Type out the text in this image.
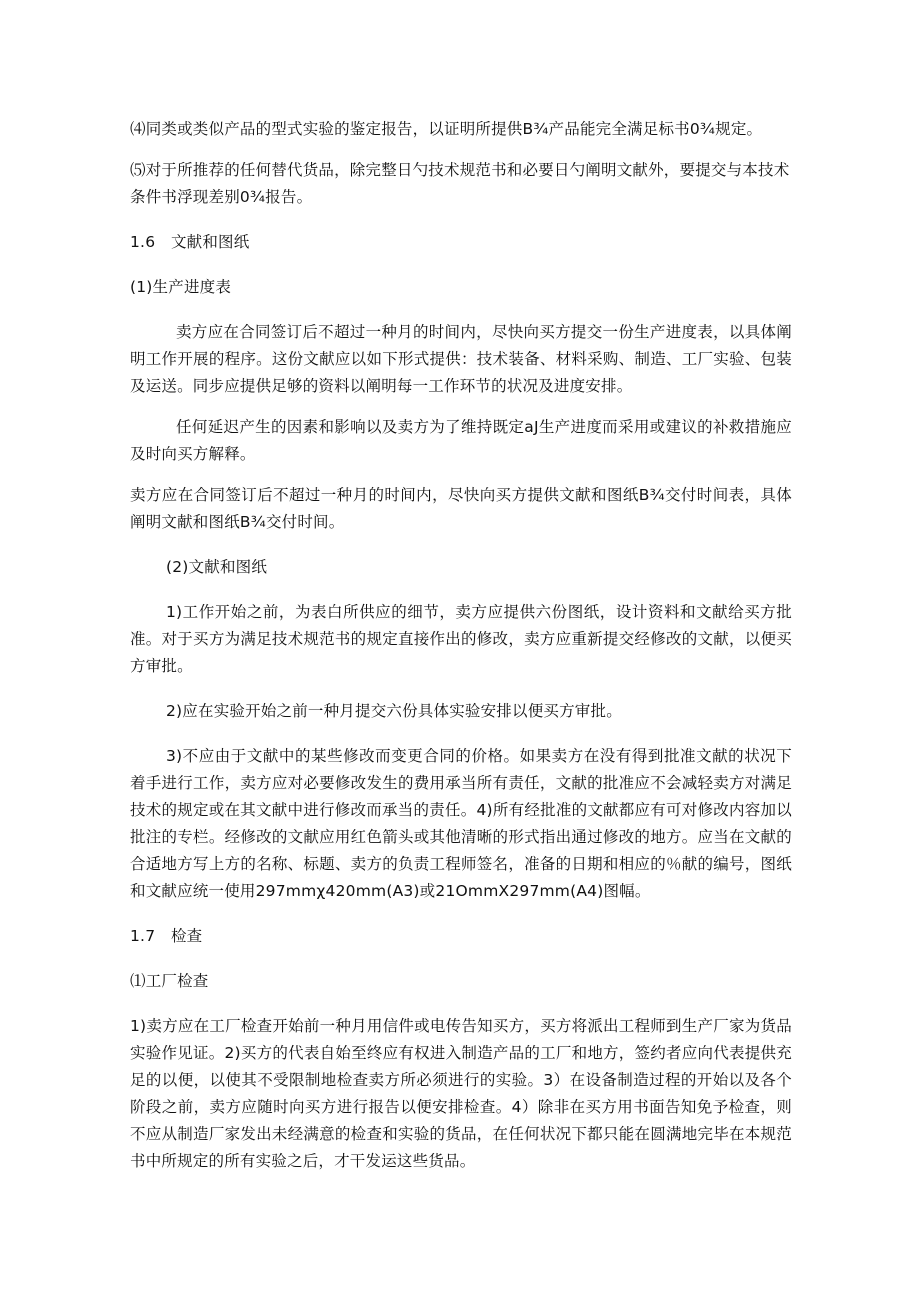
⑷同类或类似产品的型式实验的鉴定报告，以证明所提供B¾产品能完全满足标书0¾规定。

⑸对于所推荐的任何替代货品，除完整日勺技术规范书和必要日勺阐明文献外，要提交与本技术条件书浮现差别0¾报告。

1.6　文献和图纸

(1)生产进度表

卖方应在合同签订后不超过一种月的时间内，尽快向买方提交一份生产进度表，以具体阐明工作开展的程序。这份文献应以如下形式提供：技术装备、材料采购、制造、工厂实验、包装及运送。同步应提供足够的资料以阐明每一工作环节的状况及进度安排。

任何延迟产生的因素和影响以及卖方为了维持既定aJ生产进度而采用或建议的补救措施应及时向买方解释。

卖方应在合同签订后不超过一种月的时间内，尽快向买方提供文献和图纸B¾交付时间表，具体阐明文献和图纸B¾交付时间。

(2)文献和图纸

1)工作开始之前，为表白所供应的细节，卖方应提供六份图纸，设计资料和文献给买方批准。对于买方为满足技术规范书的规定直接作出的修改，卖方应重新提交经修改的文献，以便买方审批。

2)应在实验开始之前一种月提交六份具体实验安排以便买方审批。

3)不应由于文献中的某些修改而变更合同的价格。如果卖方在没有得到批准文献的状况下着手进行工作，卖方应对必要修改发生的费用承当所有责任，文献的批准应不会减轻卖方对满足技术的规定或在其文献中进行修改而承当的责任。4)所有经批准的文献都应有可对修改内容加以批注的专栏。经修改的文献应用红色箭头或其他清晰的形式指出通过修改的地方。应当在文献的合适地方写上方的名称、标题、卖方的负责工程师签名，准备的日期和相应的％献的编号，图纸和文献应统一使用297mmχ420mm(A3)或21OmmX297mm(A4)图幅。

1.7　检查

⑴工厂检查

1)卖方应在工厂检查开始前一种月用信件或电传告知买方，买方将派出工程师到生产厂家为货品实验作见证。2)买方的代表自始至终应有权进入制造产品的工厂和地方，签约者应向代表提供充足的以便，以使其不受限制地检查卖方所必须进行的实验。3）在设备制造过程的开始以及各个阶段之前，卖方应随时向买方进行报告以便安排检查。4）除非在买方用书面告知免予检查，则不应从制造厂家发出未经满意的检查和实验的货品，在任何状况下都只能在圆满地完毕在本规范书中所规定的所有实验之后，才干发运这些货品。
